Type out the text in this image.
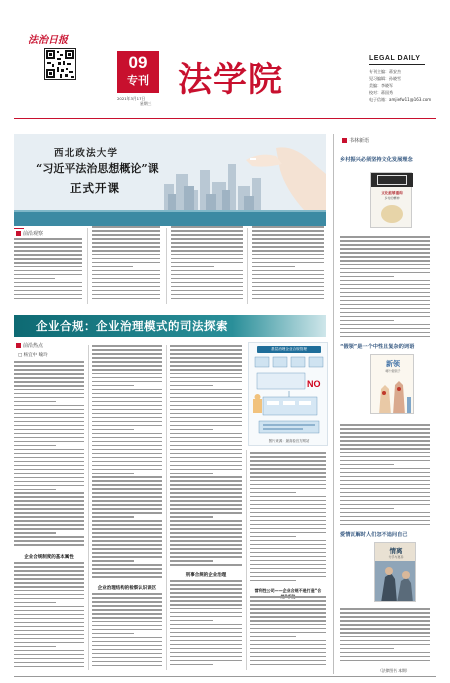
法治日报
09
专刊
2021年3月17日
星期三
法学院
LEGAL DAILY
专刊主编：蒋安杰
见习编辑：孙晓雪
美编：李晓军
校对：蒋国秀
电子信箱：amjiefw11@163.com
西北政法大学
“习近平法治思想概论”课
正式开课
前沿观察
企业合规：企业治理模式的司法探索
前沿热点
□ 杨宜中 喻玲
企业合规制度的基本属性
企业治理结构的检察认识误区
刑事合规的企业治理
基层治理企业合规管理
NO
图片来源：最高检官方网站
营利性公司——企业合规不是打造“合
书林新语
乡村振兴必须坚持文化发展理念
文化能够重构
乡村的精神
“假领”是一个中性且复杂的词语
新领
哪个假领子
爱情瓦解时人们怎不追问自己
情离
分手与离异
（法律图书 本期）
